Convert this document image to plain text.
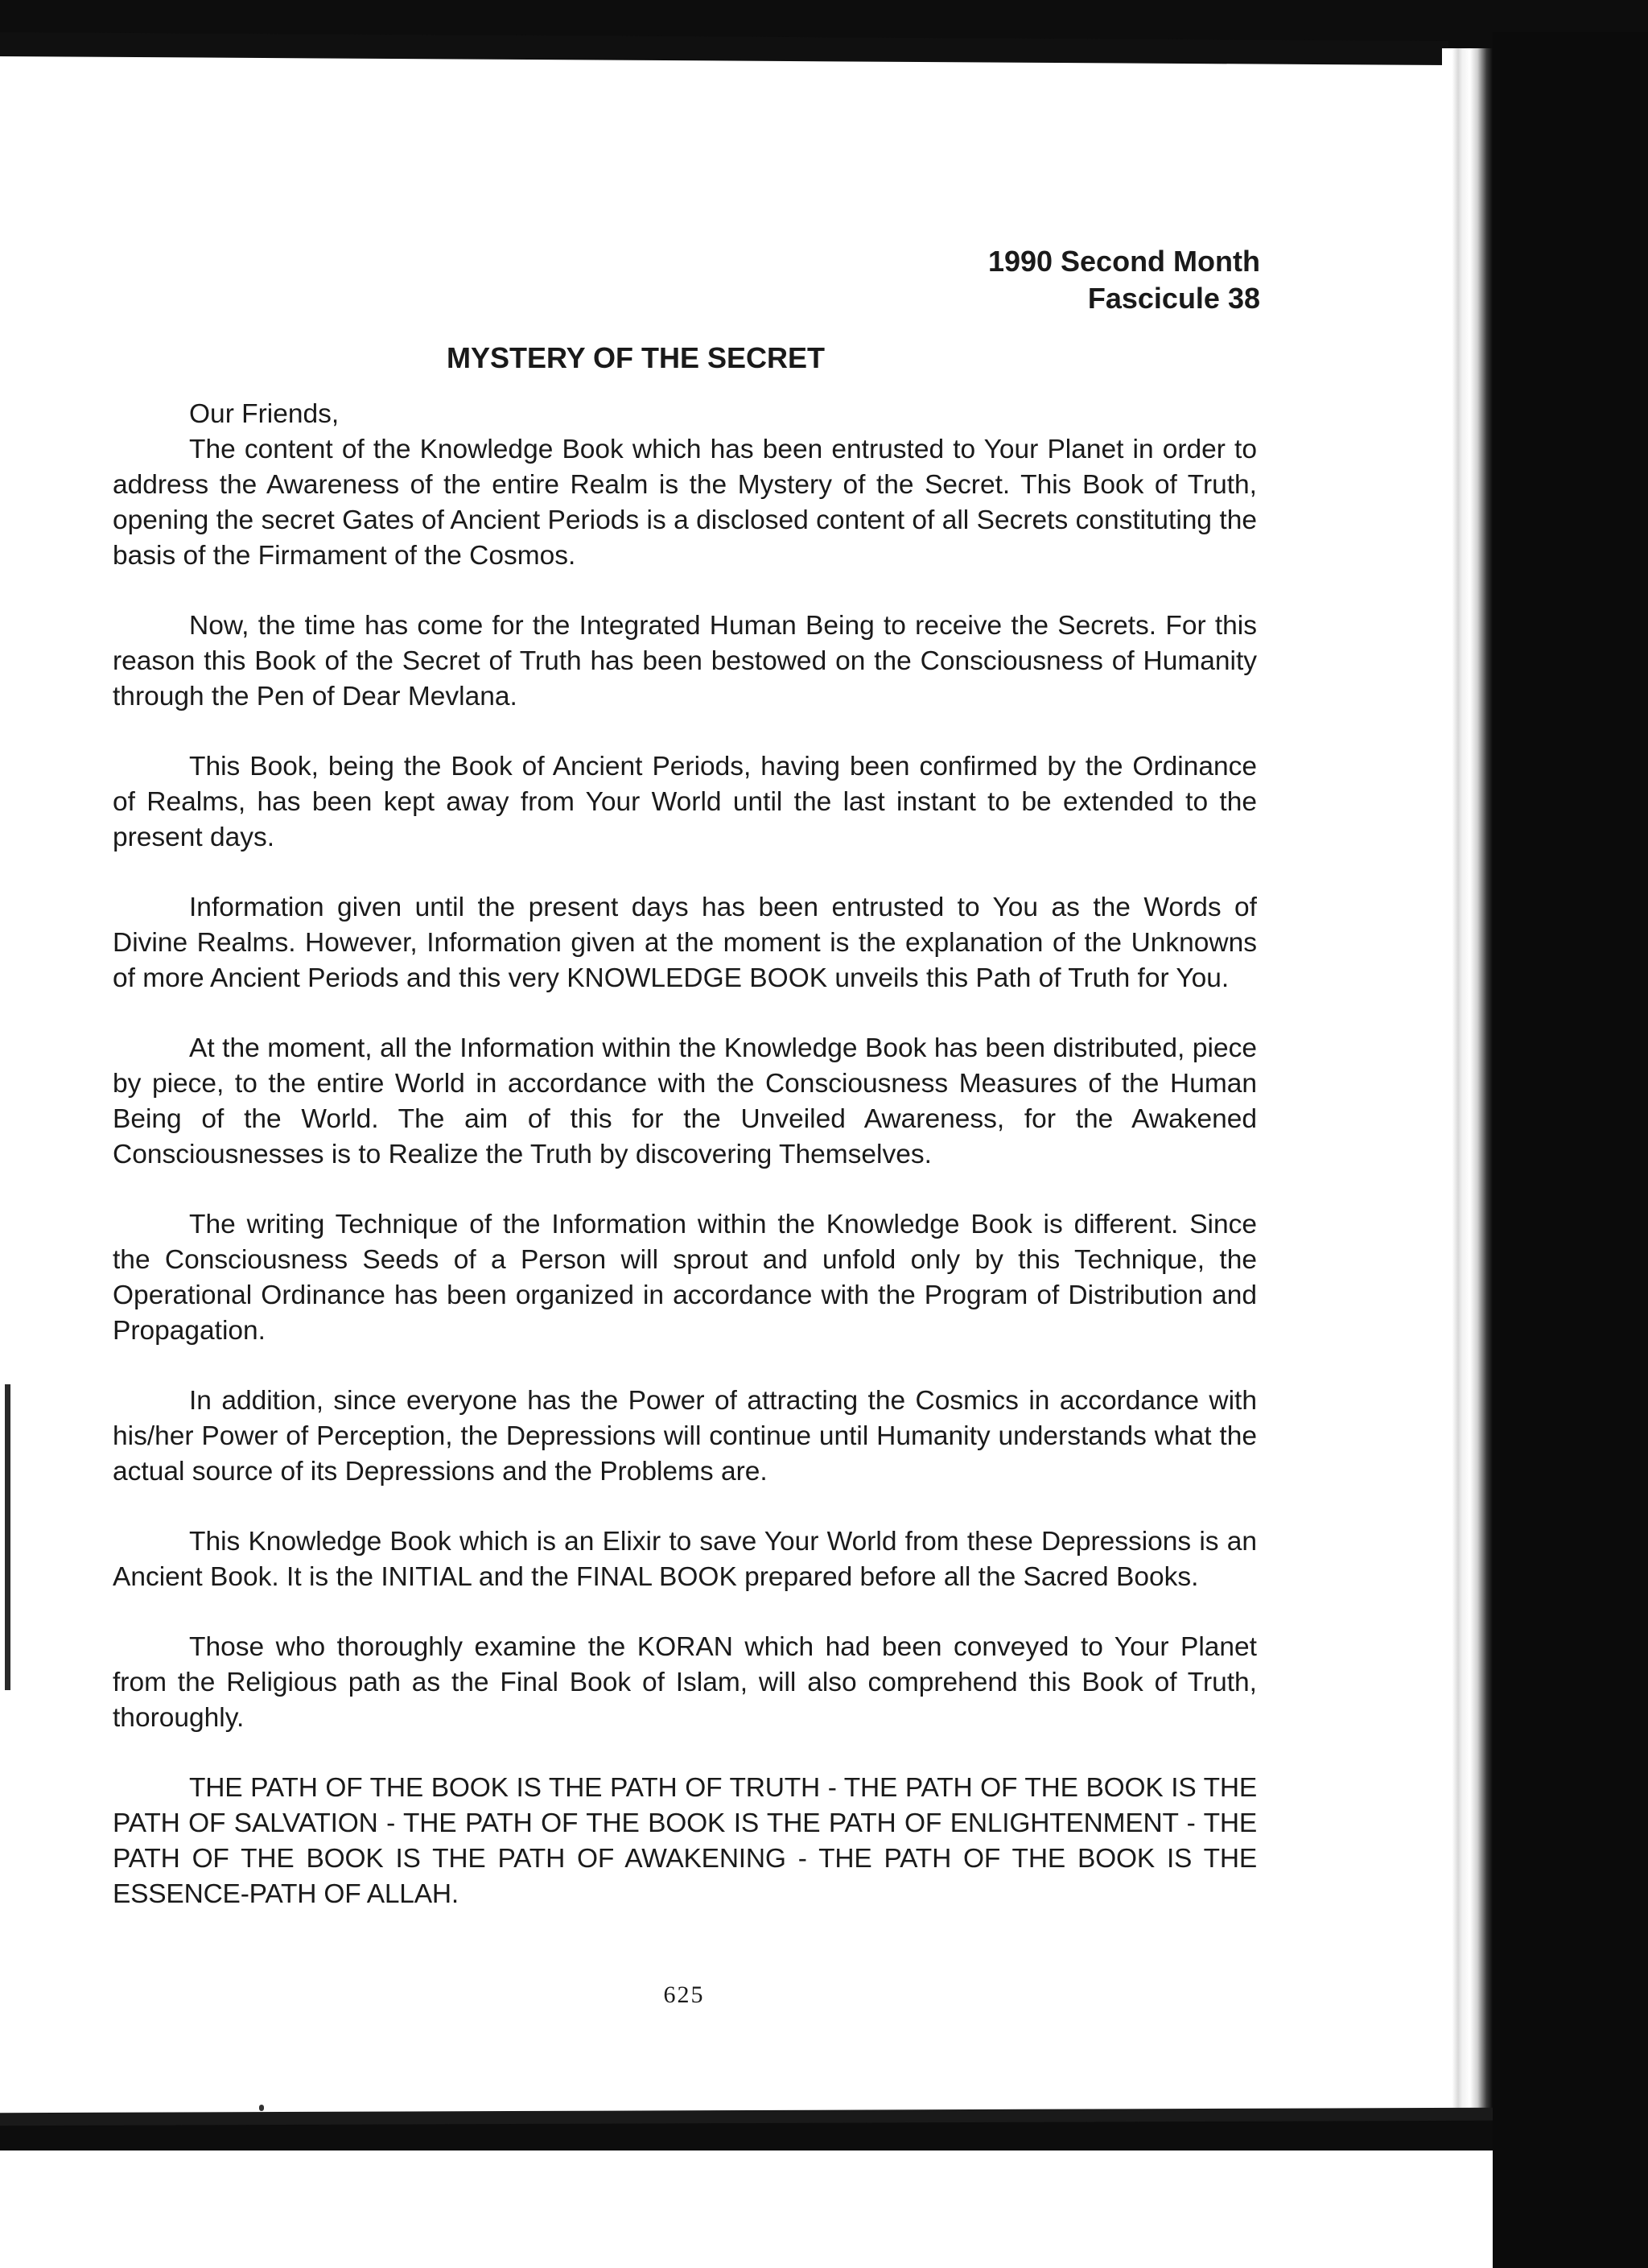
1990 Second Month
Fascicule 38
MYSTERY OF THE SECRET

Our Friends,

The content of the Knowledge Book which has been entrusted to Your Planet in order to address the Awareness of the entire Realm is the Mystery of the Secret. This Book of Truth, opening the secret Gates of Ancient Periods is a disclosed content of all Secrets constituting the basis of the Firmament of the Cosmos.

Now, the time has come for the Integrated Human Being to receive the Secrets. For this reason this Book of the Secret of Truth has been bestowed on the Consciousness of Humanity through the Pen of Dear Mevlana.

This Book, being the Book of Ancient Periods, having been confirmed by the Ordinance of Realms, has been kept away from Your World until the last instant to be extended to the present days.

Information given until the present days has been entrusted to You as the Words of Divine Realms. However, Information given at the moment is the explanation of the Unknowns of more Ancient Periods and this very KNOWLEDGE BOOK unveils this Path of Truth for You.

At the moment, all the Information within the Knowledge Book has been distributed, piece by piece, to the entire World in accordance with the Consciousness Measures of the Human Being of the World. The aim of this for the Unveiled Awareness, for the Awakened Consciousnesses is to Realize the Truth by discovering Themselves.

The writing Technique of the Information within the Knowledge Book is different. Since the Consciousness Seeds of a Person will sprout and unfold only by this Technique, the Operational Ordinance has been organized in accordance with the Program of Distribution and Propagation.

In addition, since everyone has the Power of attracting the Cosmics in accordance with his/her Power of Perception, the Depressions will continue until Humanity understands what the actual source of its Depressions and the Problems are.

This Knowledge Book which is an Elixir to save Your World from these Depressions is an Ancient Book. It is the INITIAL and the FINAL BOOK prepared before all the Sacred Books.

Those who thoroughly examine the KORAN which had been conveyed to Your Planet from the Religious path as the Final Book of Islam, will also comprehend this Book of Truth, thoroughly.

THE PATH OF THE BOOK IS THE PATH OF TRUTH - THE PATH OF THE BOOK IS THE PATH OF SALVATION - THE PATH OF THE BOOK IS THE PATH OF ENLIGHTENMENT - THE PATH OF THE BOOK IS THE PATH OF AWAKENING - THE PATH OF THE BOOK IS THE ESSENCE-PATH OF ALLAH.

625
